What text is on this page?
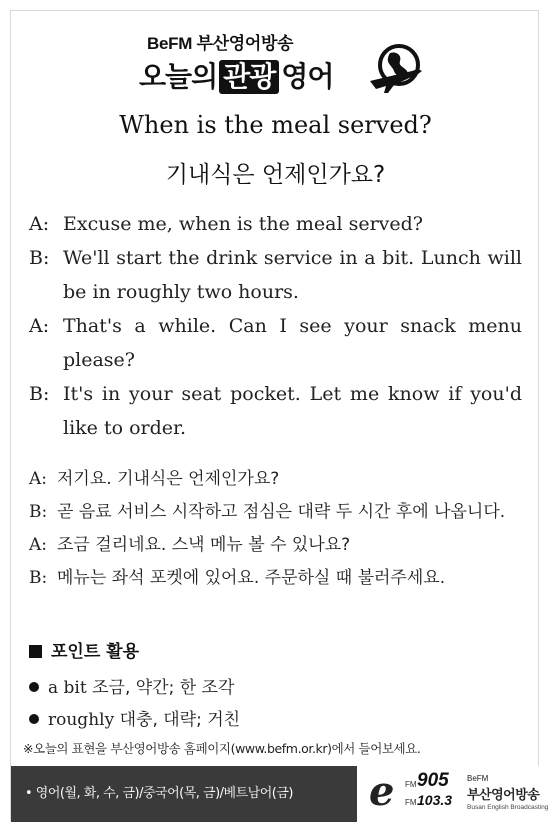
BeFM 부산영어방송
오늘의 관광 영어
When is the meal served?
기내식은 언제인가요?
A: Excuse me, when is the meal served?
B: We'll start the drink service in a bit. Lunch will be in roughly two hours.
A: That's a while. Can I see your snack menu please?
B: It's in your seat pocket. Let me know if you'd like to order.
A: 저기요. 기내식은 언제인가요?
B: 곧 음료 서비스 시작하고 점심은 대략 두 시간 후에 나옵니다.
A: 조금 걸리네요. 스낵 메뉴 볼 수 있나요?
B: 메뉴는 좌석 포켓에 있어요. 주문하실 때 불러주세요.
포인트 활용
a bit 조금, 약간; 한 조각
roughly 대충, 대략; 거친
※오늘의 표현을 부산영어방송 홈페이지(www.befm.or.kr)에서 들어보세요.
• 영어(월, 화, 수, 금)/중국어(목, 금)/베트남어(금)	e FM 905
FM 103.3
BeFM
부산영어방송
Busan English Broadcasting
